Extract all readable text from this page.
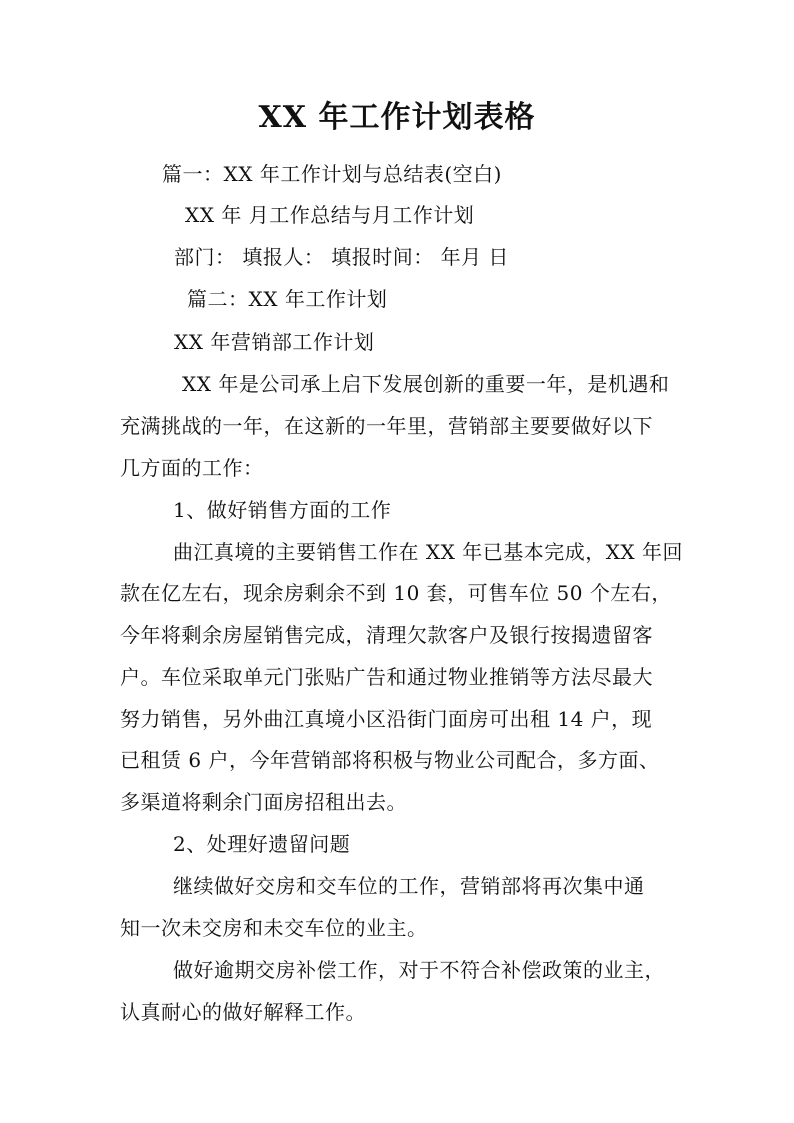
XX 年工作计划表格
篇一：XX 年工作计划与总结表(空白)
XX 年 月工作总结与月工作计划
部门： 填报人： 填报时间： 年月 日
篇二：XX 年工作计划
XX 年营销部工作计划
XX 年是公司承上启下发展创新的重要一年，是机遇和
充满挑战的一年，在这新的一年里，营销部主要要做好以下
几方面的工作：
1、做好销售方面的工作
曲江真境的主要销售工作在 XX 年已基本完成，XX 年回
款在亿左右，现余房剩余不到 10 套，可售车位 50 个左右，
今年将剩余房屋销售完成，清理欠款客户及银行按揭遗留客
户。车位采取单元门张贴广告和通过物业推销等方法尽最大
努力销售，另外曲江真境小区沿街门面房可出租 14 户，现
已租赁 6 户，今年营销部将积极与物业公司配合，多方面、
多渠道将剩余门面房招租出去。
2、处理好遗留问题
继续做好交房和交车位的工作，营销部将再次集中通
知一次未交房和未交车位的业主。
做好逾期交房补偿工作，对于不符合补偿政策的业主，
认真耐心的做好解释工作。
